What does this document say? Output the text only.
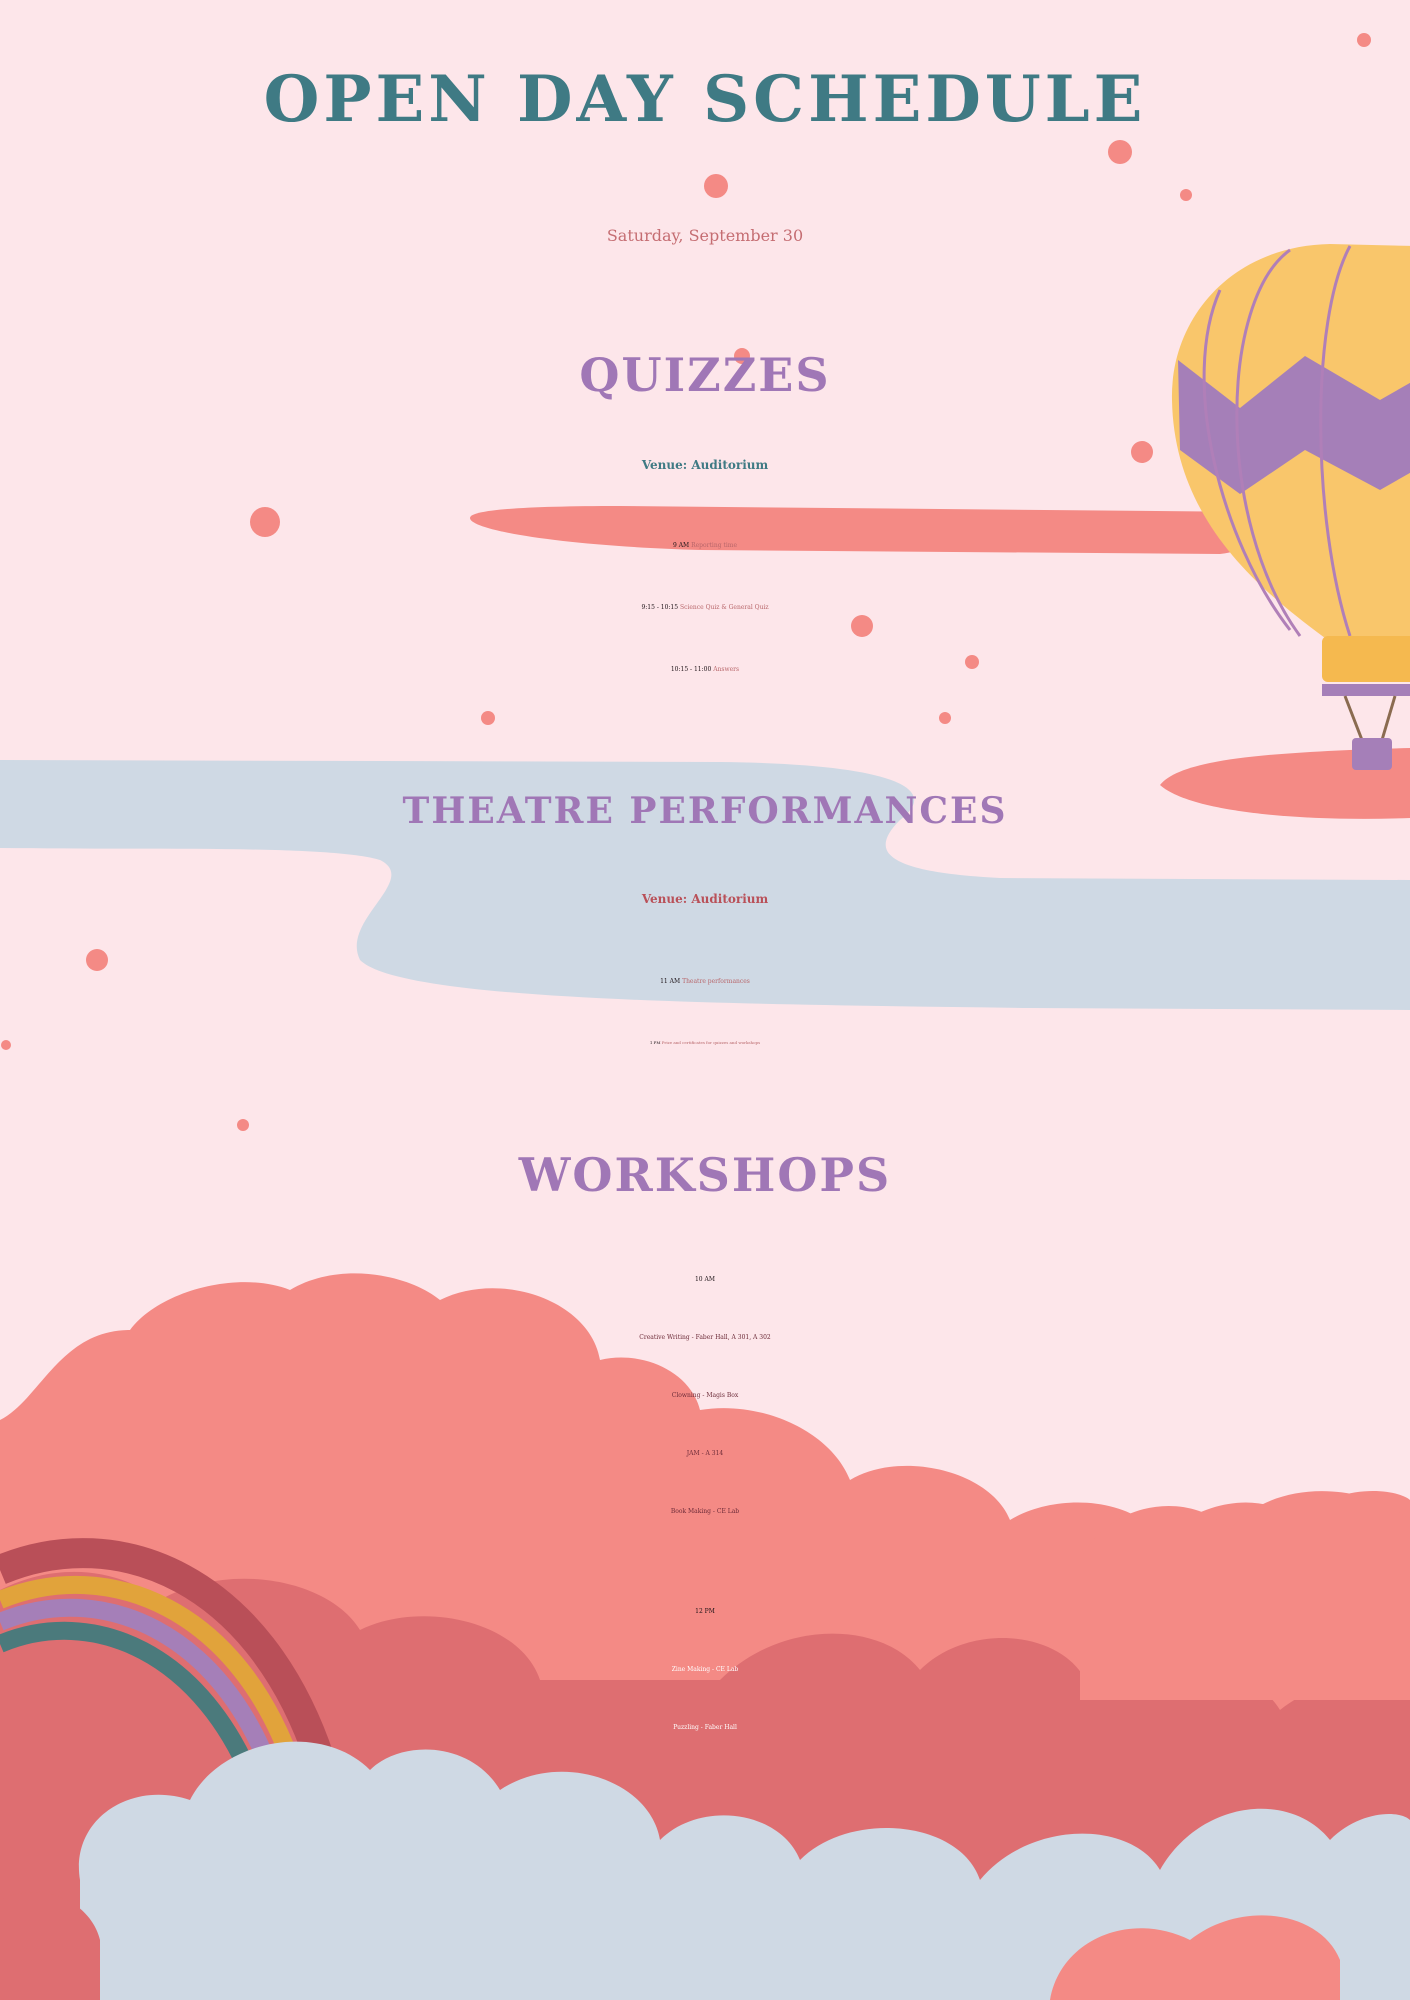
OPEN DAY SCHEDULE
Saturday, September 30
QUIZZES
Venue: Auditorium
9 AM Reporting time
9:15 - 10:15 Science Quiz & General Quiz
10:15 - 11:00 Answers
THEATRE PERFORMANCES
Venue: Auditorium
11 AM Theatre performances
1 PM Prize and certificates for quizzes and workshops
WORKSHOPS
10 AM
Creative Writing - Faber Hall, A 301, A 302
Clowning - Magis Box
JAM - A 314
Book Making - CE Lab
12 PM
Zine Making - CE Lab
Puzzling - Faber Hall
